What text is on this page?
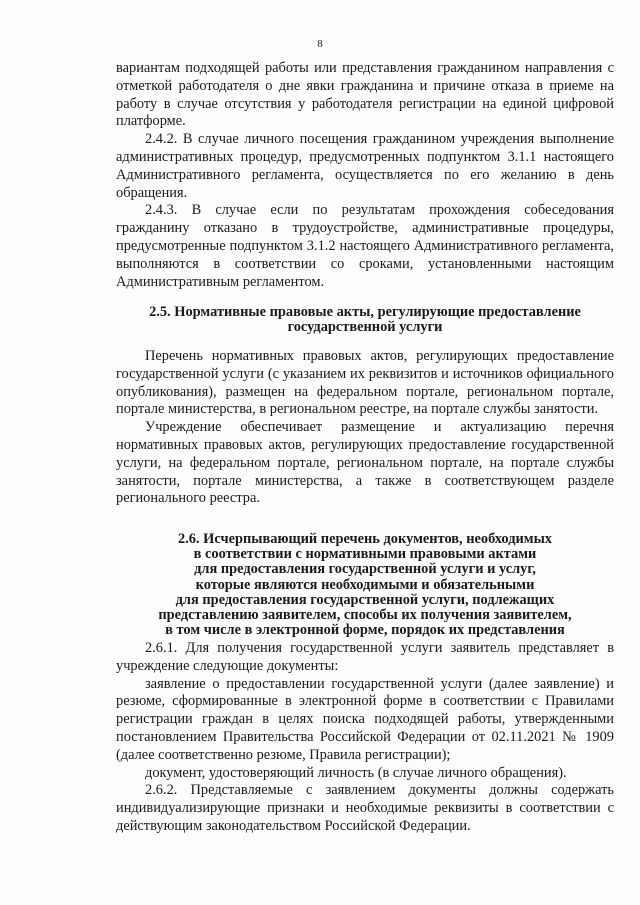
8

вариантам подходящей работы или представления гражданином направления с отметкой работодателя о дне явки гражданина и причине отказа в приеме на работу в случае отсутствия у работодателя регистрации на единой цифровой платформе.

2.4.2. В случае личного посещения гражданином учреждения выполнение административных процедур, предусмотренных подпунктом 3.1.1 настоящего Административного регламента, осуществляется по его желанию в день обращения.

2.4.3. В случае если по результатам прохождения собеседования гражданину отказано в трудоустройстве, административные процедуры, предусмотренные подпунктом 3.1.2 настоящего Административного регламента, выполняются в соответствии со сроками, установленными настоящим Административным регламентом.

2.5. Нормативные правовые акты, регулирующие предоставление
государственной услуги

Перечень нормативных правовых актов, регулирующих предоставление государственной услуги (с указанием их реквизитов и источников официального опубликования), размещен на федеральном портале, региональном портале, портале министерства, в региональном реестре, на портале службы занятости.

Учреждение обеспечивает размещение и актуализацию перечня нормативных правовых актов, регулирующих предоставление государственной услуги, на федеральном портале, региональном портале, на портале службы занятости, портале министерства, а также в соответствующем разделе регионального реестра.

2.6. Исчерпывающий перечень документов, необходимых
в соответствии с нормативными правовыми актами
для предоставления государственной услуги и услуг,
которые являются необходимыми и обязательными
для предоставления государственной услуги, подлежащих
представлению заявителем, способы их получения заявителем,
в том числе в электронной форме, порядок их представления

2.6.1. Для получения государственной услуги заявитель представляет в учреждение следующие документы:

заявление о предоставлении государственной услуги (далее заявление) и резюме, сформированные в электронной форме в соответствии с Правилами регистрации граждан в целях поиска подходящей работы, утвержденными постановлением Правительства Российской Федерации от 02.11.2021 № 1909 (далее соответственно резюме, Правила регистрации);

документ, удостоверяющий личность (в случае личного обращения).

2.6.2. Представляемые с заявлением документы должны содержать индивидуализирующие признаки и необходимые реквизиты в соответствии с действующим законодательством Российской Федерации.
